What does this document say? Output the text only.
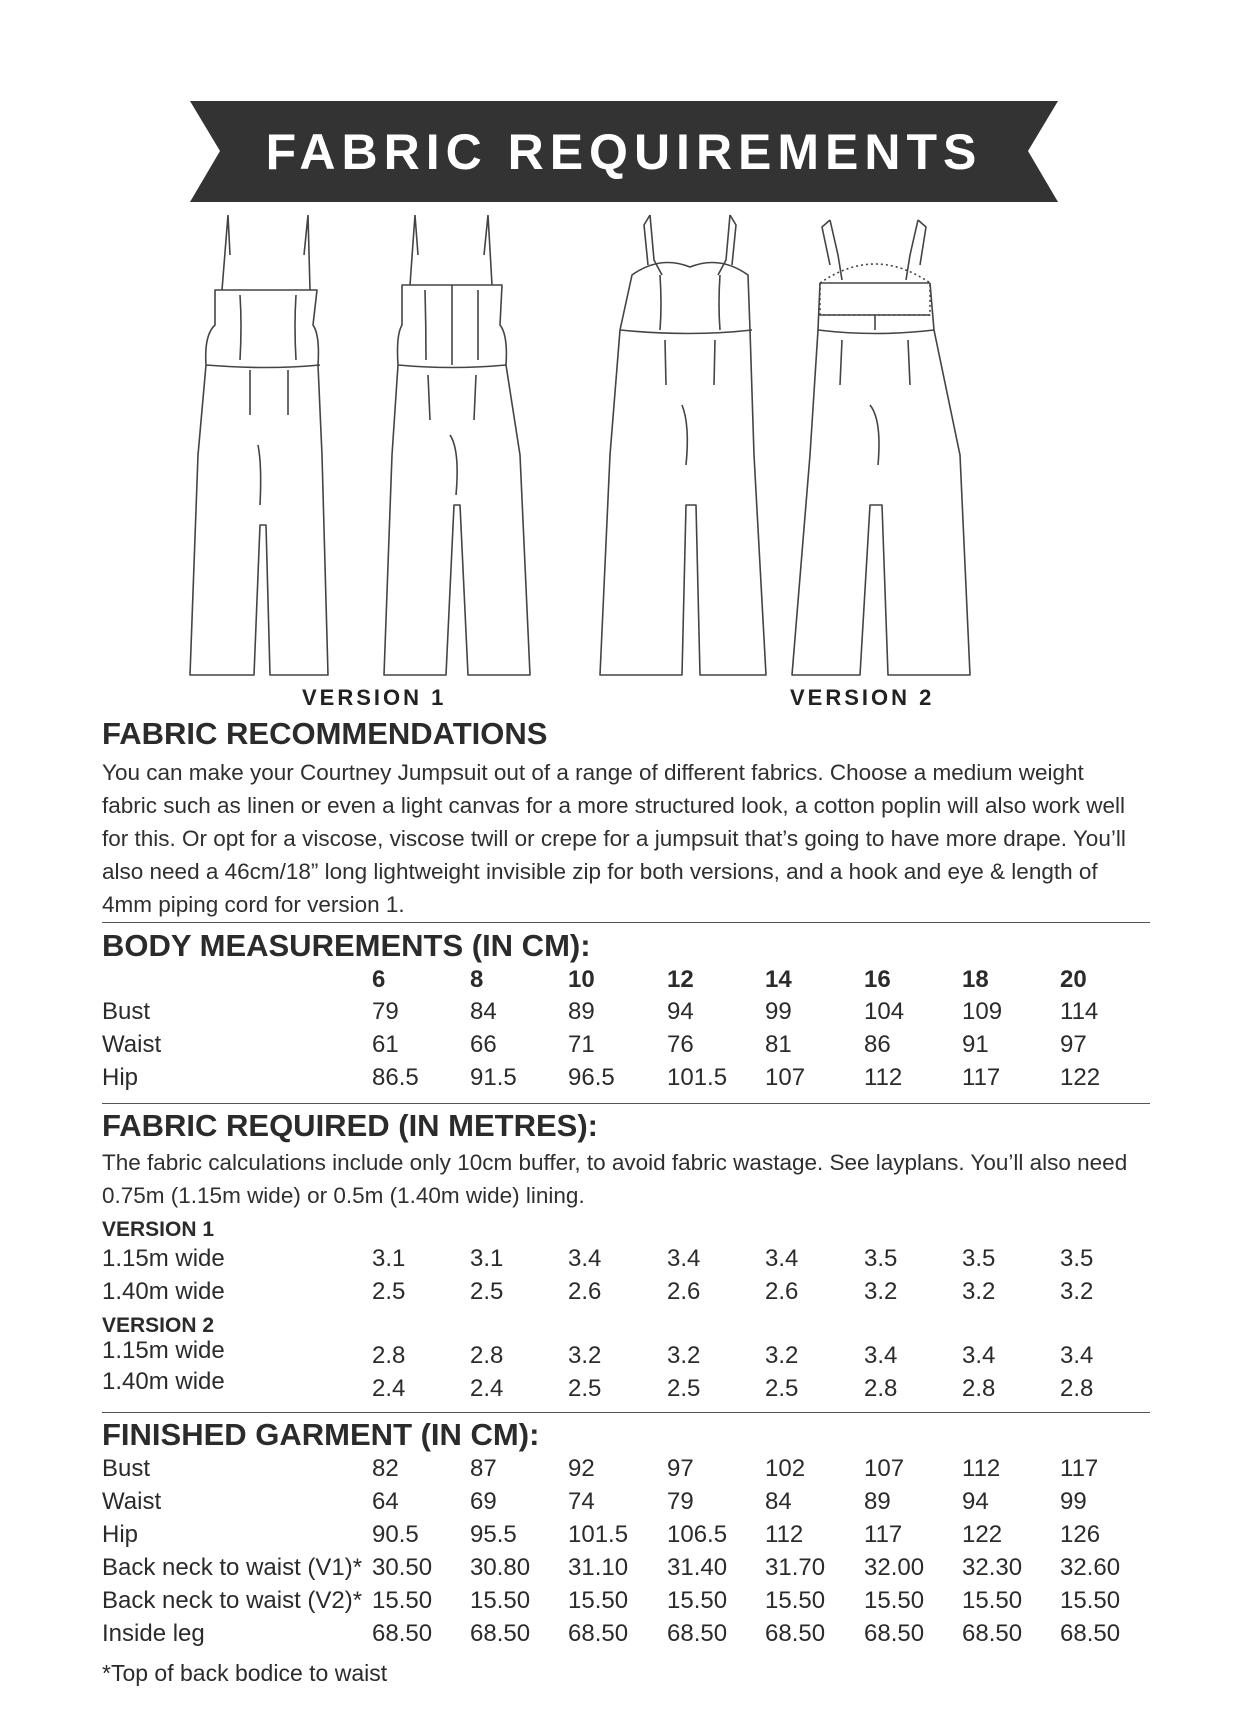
FABRIC REQUIREMENTS
VERSION 1	VERSION 2
FABRIC RECOMMENDATIONS
You can make your Courtney Jumpsuit out of a range of different fabrics. Choose a medium weight
fabric such as linen or even a light canvas for a more structured look, a cotton poplin will also work well
for this. Or opt for a viscose, viscose twill or crepe for a jumpsuit that’s going to have more drape. You’ll
also need a 46cm/18” long lightweight invisible zip for both versions, and a hook and eye & length of
4mm piping cord for version 1.
BODY MEASUREMENTS (IN CM):
6	8	10	12	14	16	18	20
Bust	79	84	89	94	99	104 109 114
Waist	61	66	71	76	81	86	91	97
Hip	86.5 91.5 96.5 101.5 107 112 117 122
FABRIC REQUIRED (IN METRES):
The fabric calculations include only 10cm buffer, to avoid fabric wastage. See layplans. You’ll also need
0.75m (1.15m wide) or 0.5m (1.40m wide) lining.
VERSION 1
1.15m wide	3.1	3.1	3.4	3.4	3.4	3.5	3.5	3.5
1.40m wide	2.5	2.5	2.6	2.6	2.6	3.2	3.2	3.2
VERSION 2
1.15m wide	2.8	2.8	3.2	3.2	3.2	3.4	3.4	3.4
1.40m wide	2.4	2.4	2.5	2.5	2.5	2.8	2.8	2.8
FINISHED GARMENT (IN CM):
Bust	82	87	92	97	102 107 112 117
Waist	64	69	74	79	84	89	94	99
Hip	90.5 95.5 101.5 106.5 112	117 122 126
Back neck to waist (V1)* 30.50 30.80 31.10 31.40 31.70 32.00 32.30 32.60
Back neck to waist (V2)* 15.50 15.50 15.50 15.50 15.50 15.50 15.50 15.50
Inside leg	68.50 68.50 68.50 68.50 68.50 68.50 68.50 68.50
*Top of back bodice to waist
